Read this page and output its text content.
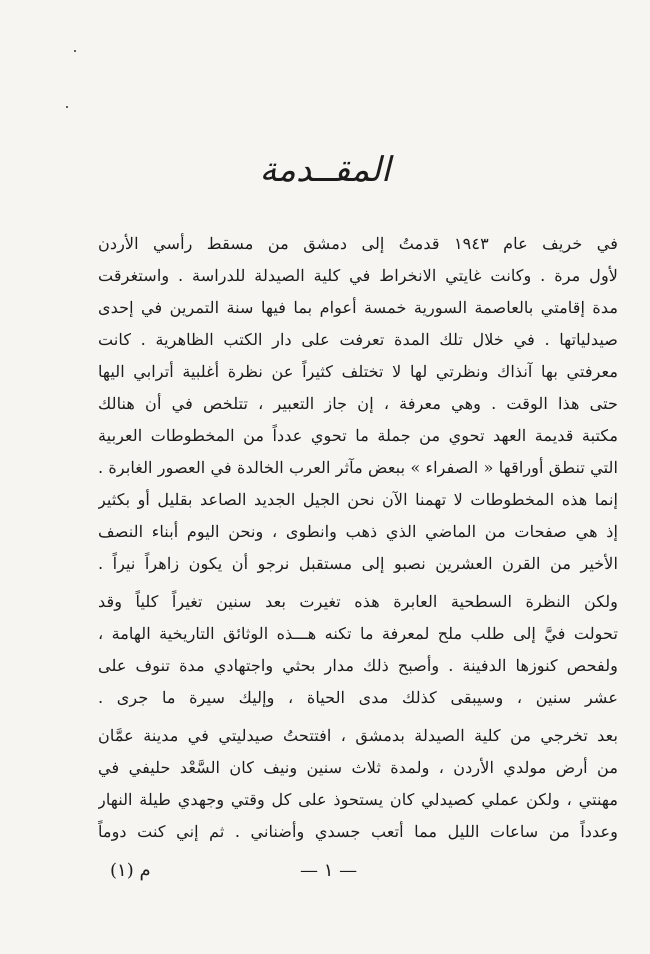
المقــدمة

في خريف عام ١٩٤٣ قدمتُ إلى دمشق من مسقط رأسي الأردن
لأول مرة . وكانت غايتي الانخراط في كلية الصيدلة للدراسة . واستغرقت
مدة إقامتي بالعاصمة السورية خمسة أعوام بما فيها سنة التمرين في إحدى
صيدلياتها . في خلال تلك المدة تعرفت على دار الكتب الظاهرية . كانت
معرفتي بها آنذاك ونظرتي لها لا تختلف كثيراً عن نظرة أغلبية أترابي اليها
حتى هذا الوقت . وهي معرفة ، إن جاز التعبير ، تتلخص في أن هنالك
مكتبة قديمة العهد تحوي من جملة ما تحوي عدداً من المخطوطات العربية
التي تنطق أوراقها « الصفراء » ببعض مآثر العرب الخالدة في العصور الغابرة .
إنما هذه المخطوطات لا تهمنا الآن نحن الجيل الجديد الصاعد بقليل أو بكثير
إذ هي صفحات من الماضي الذي ذهب وانطوى ، ونحن اليوم أبناء النصف
الأخير من القرن العشرين نصبو إلى مستقبل نرجو أن يكون زاهراً نيراً .

ولكن النظرة السطحية العابرة هذه تغيرت بعد سنين تغيراً كلياً وقد
تحولت فيَّ إلى طلب ملح لمعرفة ما تكنه هـــذه الوثائق التاريخية الهامة ،
ولفحص كنوزها الدفينة . وأصبح ذلك مدار بحثي واجتهادي مدة تنوف على
عشر سنين ، وسيبقى كذلك مدى الحياة ، وإليك سيرة ما جرى .

بعد تخرجي من كلية الصيدلة بدمشق ، افتتحتُ صيدليتي في مدينة عمَّان
من أرض مولدي الأردن ، ولمدة ثلاث سنين ونيف كان السَّعْد حليفي في
مهنتي ، ولكن عملي كصيدلي كان يستحوذ على كل وقتي وجهدي طيلة النهار
وعدداً من ساعات الليل مما أتعب جسدي وأضناني . ثم إني كنت دوماً

— ١ —
م (١)
